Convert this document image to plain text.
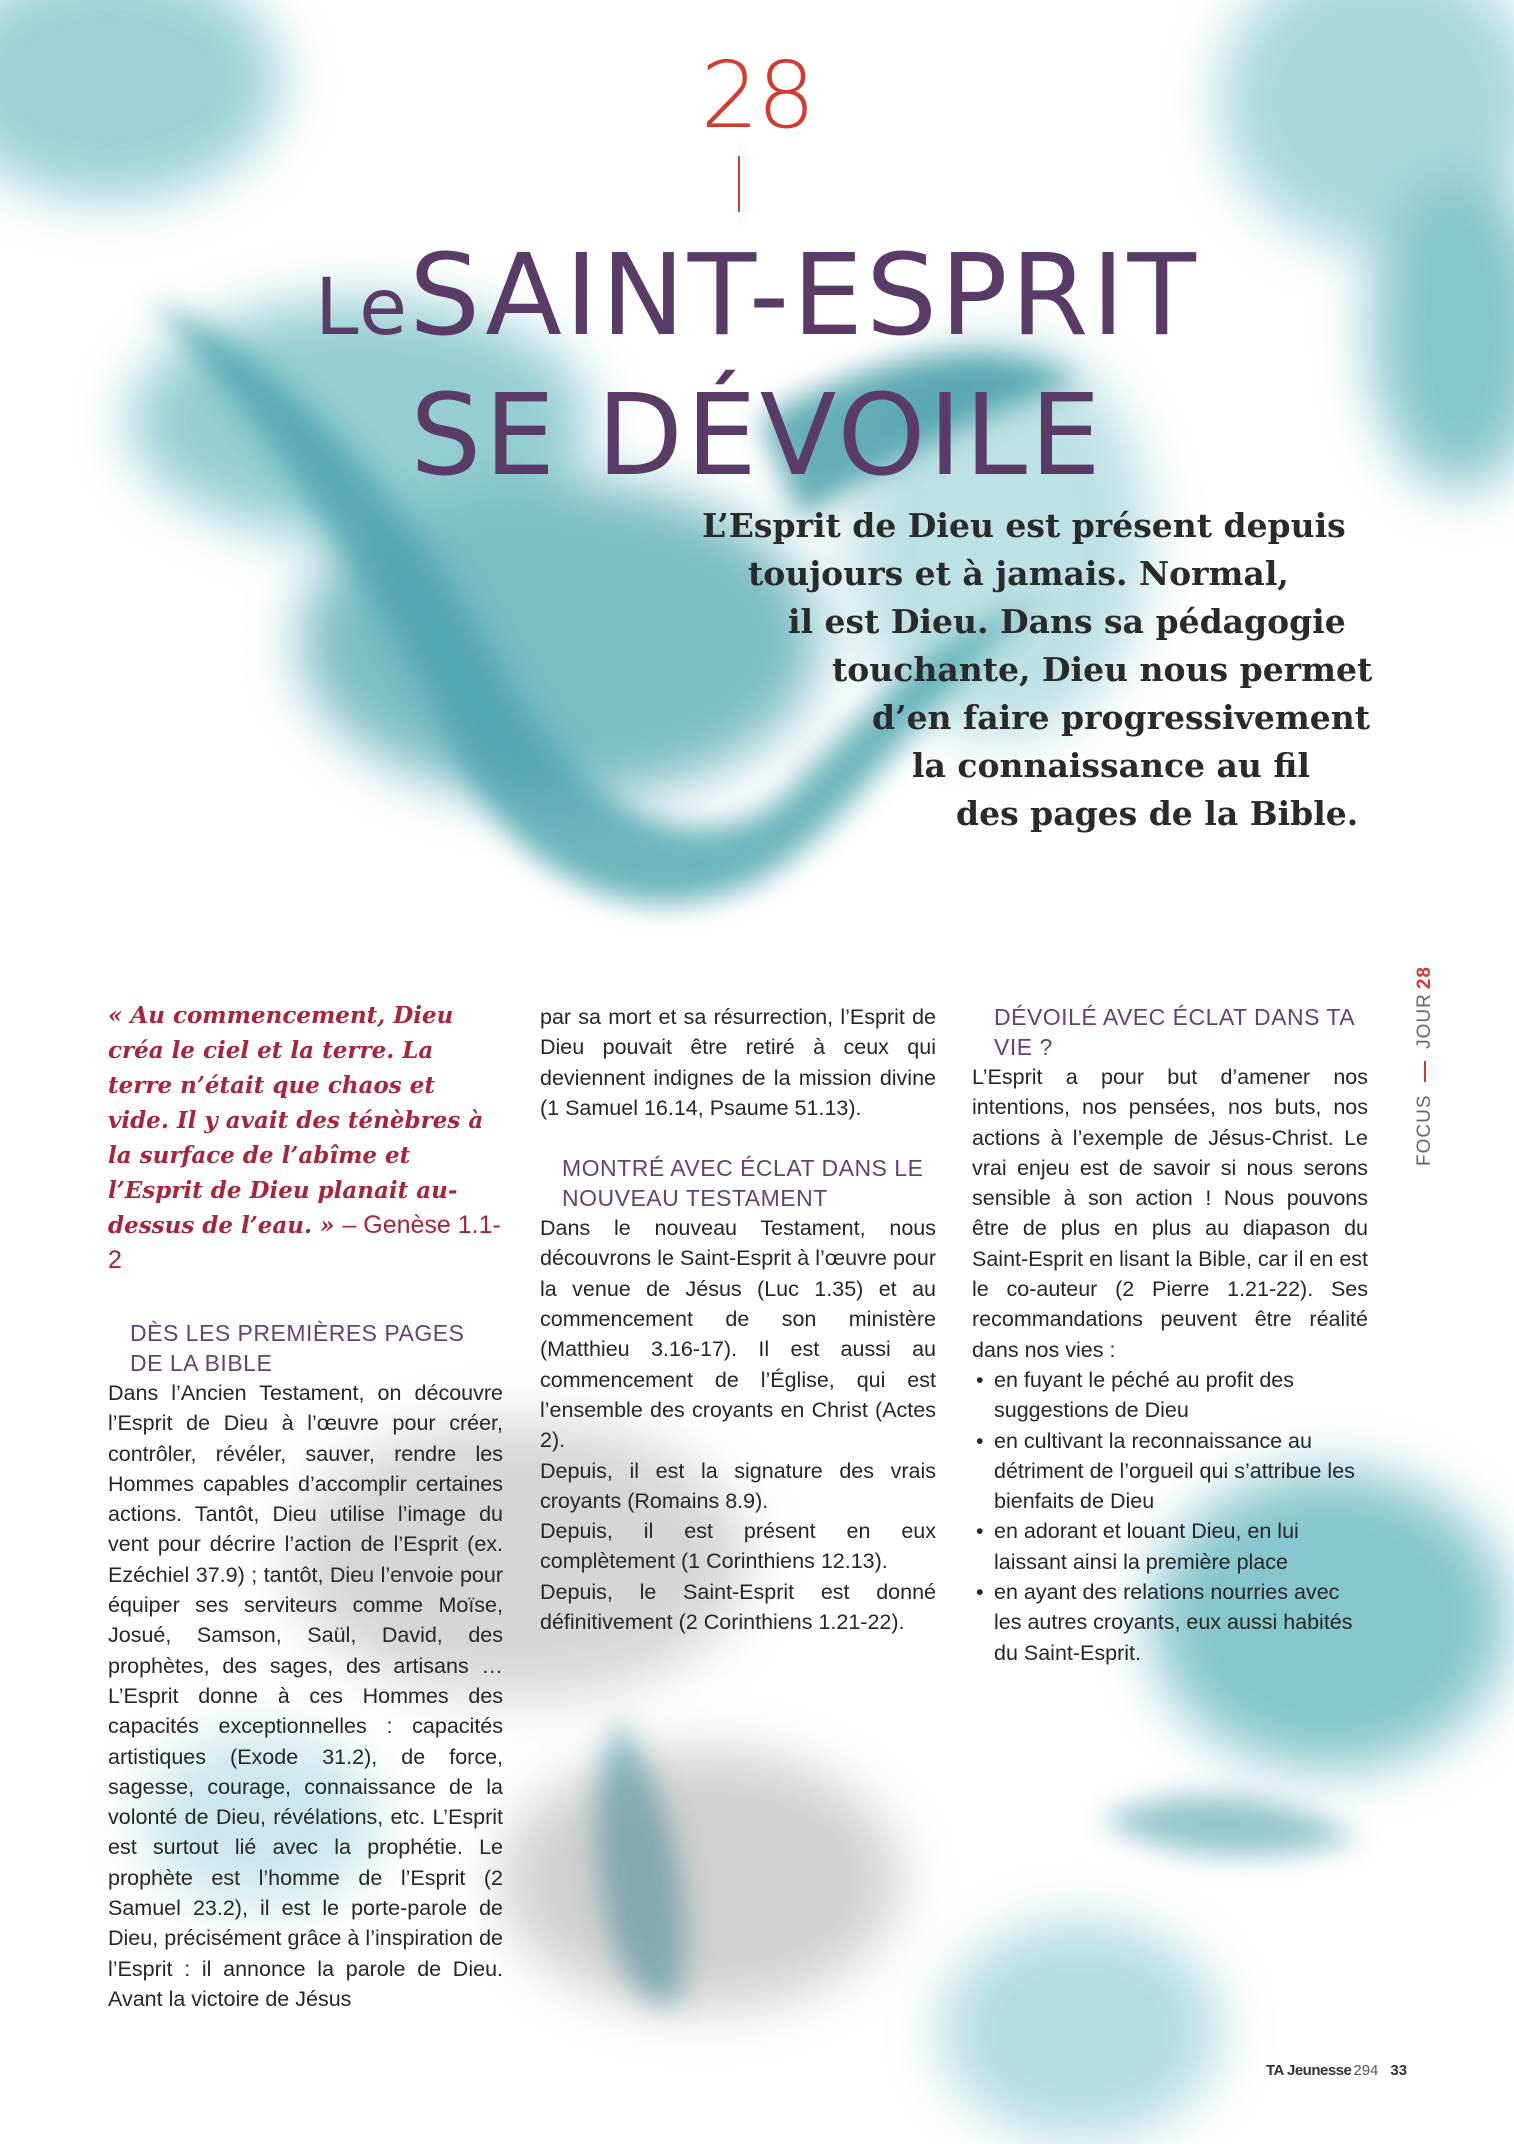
28
LeSAINT-ESPRIT
SE DÉVOILE
L’Esprit de Dieu est présent depuis
toujours et à jamais. Normal,
il est Dieu. Dans sa pédagogie
touchante, Dieu nous permet
d’en faire progressivement
la connaissance au fil
des pages de la Bible.
FOCUS
JOUR
28
« Au commencement, Dieu créa le ciel et la terre. La terre n’était que chaos et vide. Il y avait des ténèbres à la surface de l’abîme et l’Esprit de Dieu planait au-dessus de l’eau. » – Genèse 1.1-2
DÈS LES PREMIÈRES PAGES DE LA BIBLE

Dans l’Ancien Testament, on découvre l’Esprit de Dieu à l’œuvre pour créer, contrôler, révéler, sauver, rendre les Hommes capables d’accomplir certaines actions. Tantôt, Dieu utilise l’image du vent pour décrire l’action de l’Esprit (ex. Ezéchiel 37.9) ; tantôt, Dieu l’envoie pour équiper ses serviteurs comme Moïse, Josué, Samson, Saül, David, des prophètes, des sages, des artisans … L’Esprit donne à ces Hommes des capacités exceptionnelles : capacités artistiques (Exode 31.2), de force, sagesse, courage, connaissance de la volonté de Dieu, révélations, etc. L’Esprit est surtout lié avec la prophétie. Le prophète est l’homme de l’Esprit (2 Samuel 23.2), il est le porte-parole de Dieu, précisément grâce à l’inspiration de l’Esprit : il annonce la parole de Dieu. Avant la victoire de Jésus

par sa mort et sa résurrection, l’Esprit de Dieu pouvait être retiré à ceux qui deviennent indignes de la mission divine (1 Samuel 16.14, Psaume 51.13).

MONTRÉ AVEC ÉCLAT DANS LE NOUVEAU TESTAMENT

Dans le nouveau Testament, nous découvrons le Saint-Esprit à l’œuvre pour la venue de Jésus (Luc 1.35) et au commencement de son ministère (Matthieu 3.16-17). Il est aussi au commencement de l’Église, qui est l’ensemble des croyants en Christ (Actes 2).

Depuis, il est la signature des vrais croyants (Romains 8.9).

Depuis, il est présent en eux complètement (1 Corinthiens 12.13).

Depuis, le Saint-Esprit est donné définitivement (2 Corinthiens 1.21-22).

DÉVOILÉ AVEC ÉCLAT DANS TA VIE ?

L’Esprit a pour but d’amener nos intentions, nos pensées, nos buts, nos actions à l’exemple de Jésus-Christ. Le vrai enjeu est de savoir si nous serons sensible à son action ! Nous pouvons être de plus en plus au diapason du Saint-Esprit en lisant la Bible, car il en est le co-auteur (2 Pierre 1.21-22). Ses recommandations peuvent être réalité dans nos vies :

• en fuyant le péché au profit des suggestions de Dieu
• en cultivant la reconnaissance au détriment de l’orgueil qui s’attribue les bienfaits de Dieu
• en adorant et louant Dieu, en lui laissant ainsi la première place
• en ayant des relations nourries avec les autres croyants, eux aussi habités du Saint-Esprit.
TA Jeunesse 294 33
